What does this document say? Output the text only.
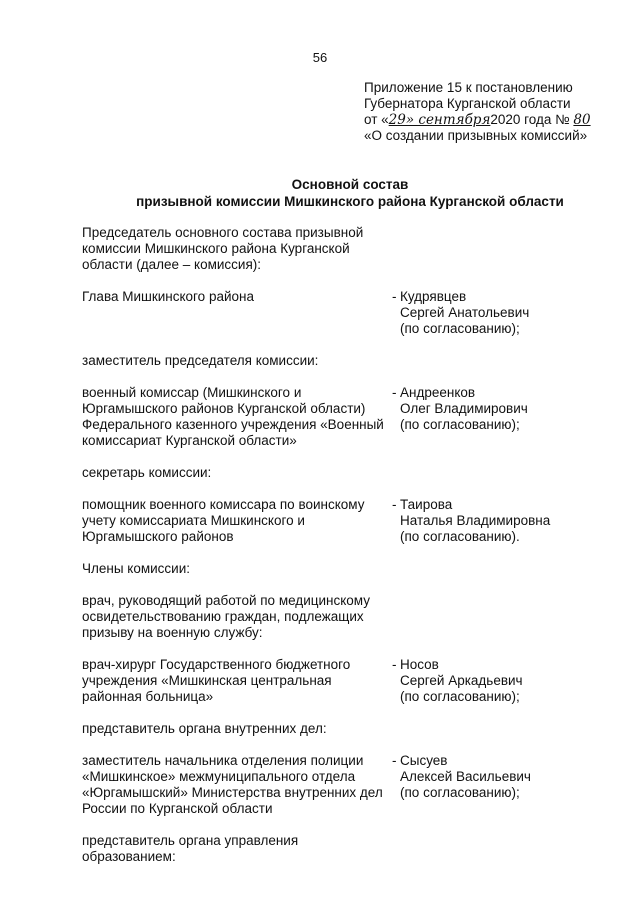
56
Приложение 15 к постановлению
Губернатора Курганской области
от «29» сентября2020 года № 80
«О создании призывных комиссий»
Основной состав
призывной комиссии Мишкинского района Курганской области
Председатель основного состава призывной комиссии Мишкинского района Курганской области (далее – комиссия):
Глава Мишкинского района	- Кудрявцев
Сергей Анатольевич
(по согласованию);
заместитель председателя комиссии:
военный комиссар (Мишкинского и Юргамышского районов Курганской области) Федерального казенного учреждения «Военный комиссариат Курганской области»
- Андреенков
Олег Владимирович
(по согласованию);
секретарь комиссии:
помощник военного комиссара по воинскому учету комиссариата Мишкинского и Юргамышского районов
- Таирова
Наталья Владимировна
(по согласованию).
Члены комиссии:
врач, руководящий работой по медицинскому освидетельствованию граждан, подлежащих призыву на военную службу:
врач-хирург Государственного бюджетного учреждения «Мишкинская центральная районная больница»
- Носов
Сергей Аркадьевич
(по согласованию);
представитель органа внутренних дел:
заместитель начальника отделения полиции «Мишкинское» межмуниципального отдела «Юргамышский» Министерства внутренних дел России по Курганской области
- Сысуев
Алексей Васильевич
(по согласованию);
представитель органа управления образованием:
